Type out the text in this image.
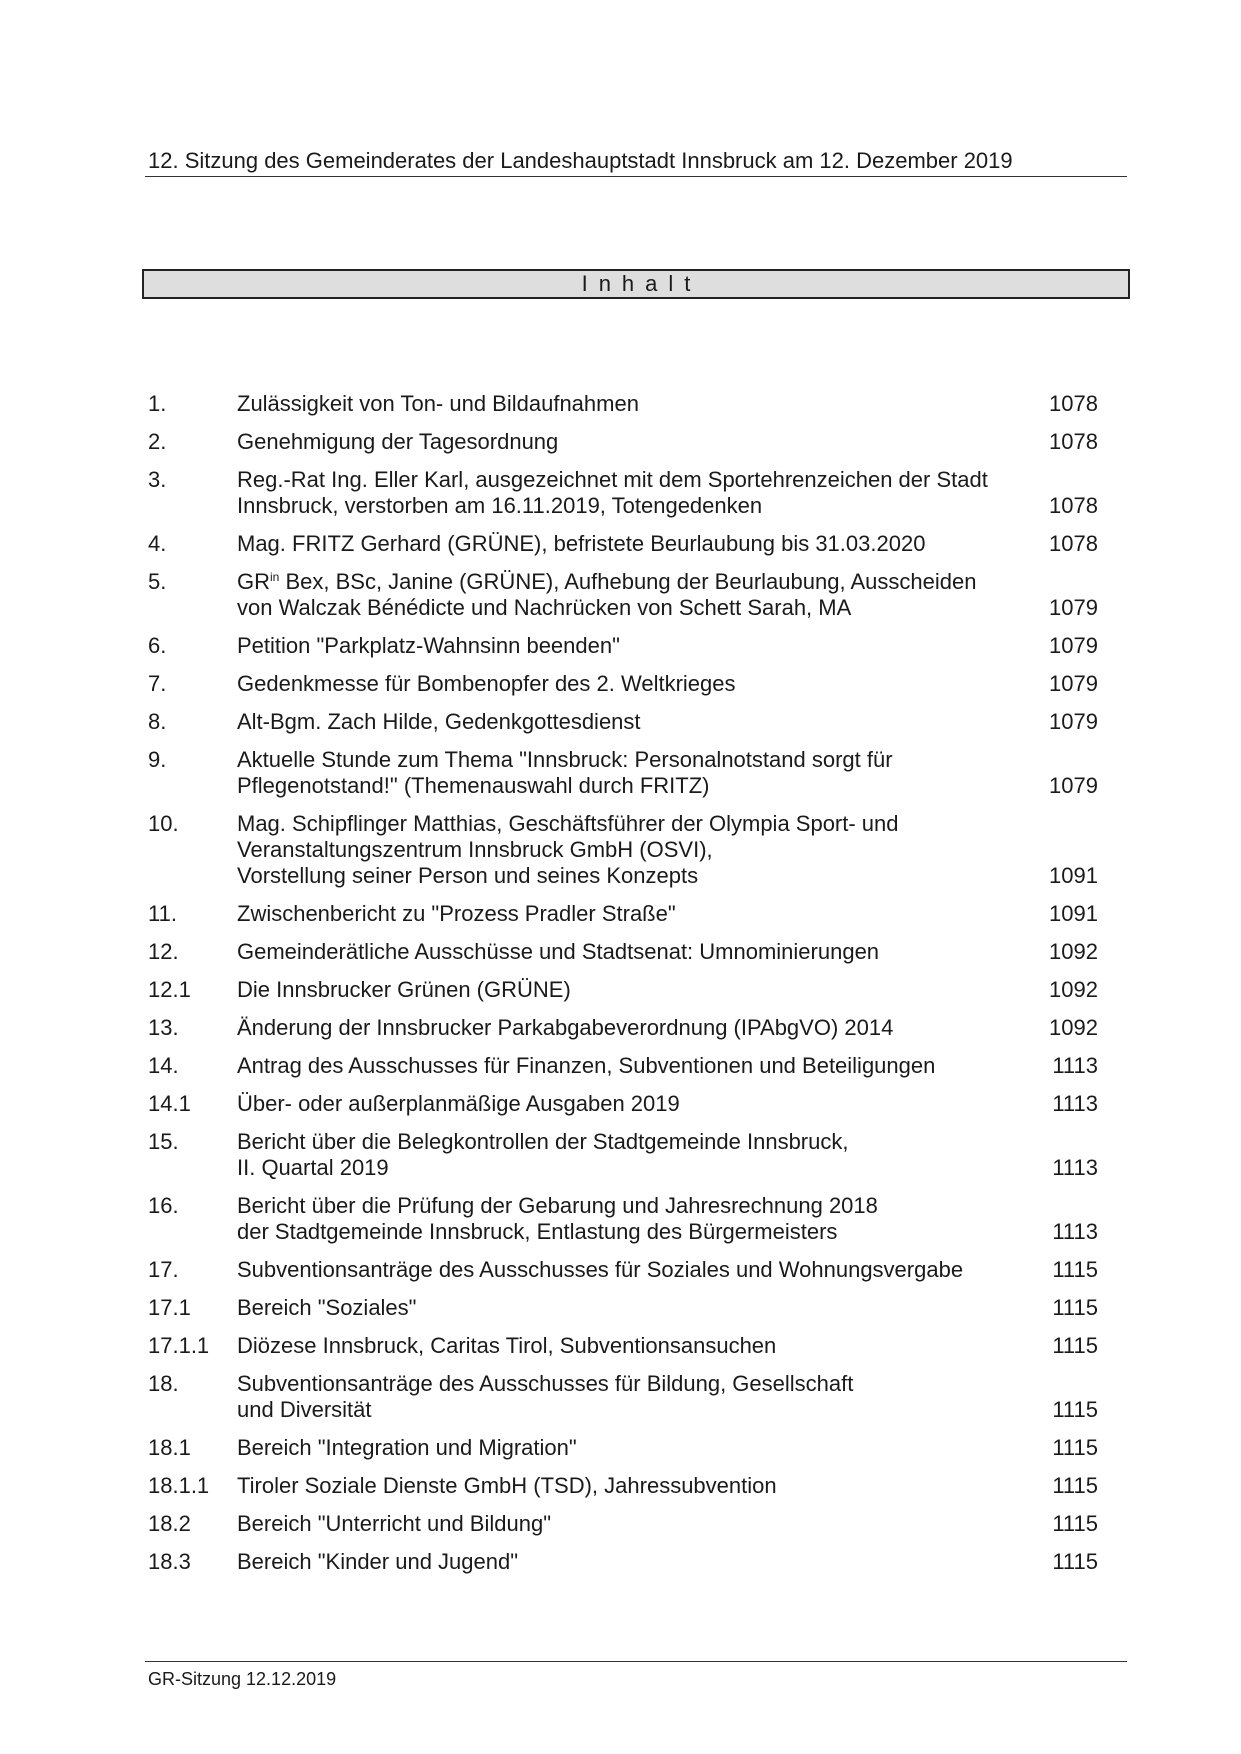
12. Sitzung des Gemeinderates der Landeshauptstadt Innsbruck am 12. Dezember 2019
Inhalt
1.	Zulässigkeit von Ton- und Bildaufnahmen	1078
2.	Genehmigung der Tagesordnung	1078
3.	Reg.-Rat Ing. Eller Karl, ausgezeichnet mit dem Sportehrenzeichen der Stadt
Innsbruck, verstorben am 16.11.2019, Totengedenken	1078
4.	Mag. FRITZ Gerhard (GRÜNE), befristete Beurlaubung bis 31.03.2020	1078
5.	$GR^{in}$ Bex, BSc, Janine (GRÜNE), Aufhebung der Beurlaubung, Ausscheiden
von Walczak Bénédicte und Nachrücken von Schett Sarah, MA	1079
6.	Petition "Parkplatz-Wahnsinn beenden"	1079
7.	Gedenkmesse für Bombenopfer des 2. Weltkrieges	1079
8.	Alt-Bgm. Zach Hilde, Gedenkgottesdienst	1079
9.	Aktuelle Stunde zum Thema "Innsbruck: Personalnotstand sorgt für
Pflegenotstand!" (Themenauswahl durch FRITZ)	1079
10.	Mag. Schipflinger Matthias, Geschäftsführer der Olympia Sport- und
Veranstaltungszentrum Innsbruck GmbH (OSVI),
Vorstellung seiner Person und seines Konzepts	1091
11.	Zwischenbericht zu "Prozess Pradler Straße"	1091
12.	Gemeinderätliche Ausschüsse und Stadtsenat: Umnominierungen	1092
12.1	Die Innsbrucker Grünen (GRÜNE)	1092
13.	Änderung der Innsbrucker Parkabgabeverordnung (IPAbgVO) 2014	1092
14.	Antrag des Ausschusses für Finanzen, Subventionen und Beteiligungen	1113
14.1	Über- oder außerplanmäßige Ausgaben 2019	1113
15.	Bericht über die Belegkontrollen der Stadtgemeinde Innsbruck,
II. Quartal 2019	1113
16.	Bericht über die Prüfung der Gebarung und Jahresrechnung 2018
der Stadtgemeinde Innsbruck, Entlastung des Bürgermeisters	1113
17.	Subventionsanträge des Ausschusses für Soziales und Wohnungsvergabe	1115
17.1	Bereich "Soziales"	1115
17.1.1	Diözese Innsbruck, Caritas Tirol, Subventionsansuchen	1115
18.	Subventionsanträge des Ausschusses für Bildung, Gesellschaft
und Diversität	1115
18.1	Bereich "Integration und Migration"	1115
18.1.1	Tiroler Soziale Dienste GmbH (TSD), Jahressubvention	1115
18.2	Bereich "Unterricht und Bildung"	1115
18.3	Bereich "Kinder und Jugend"	1115
GR-Sitzung 12.12.2019
